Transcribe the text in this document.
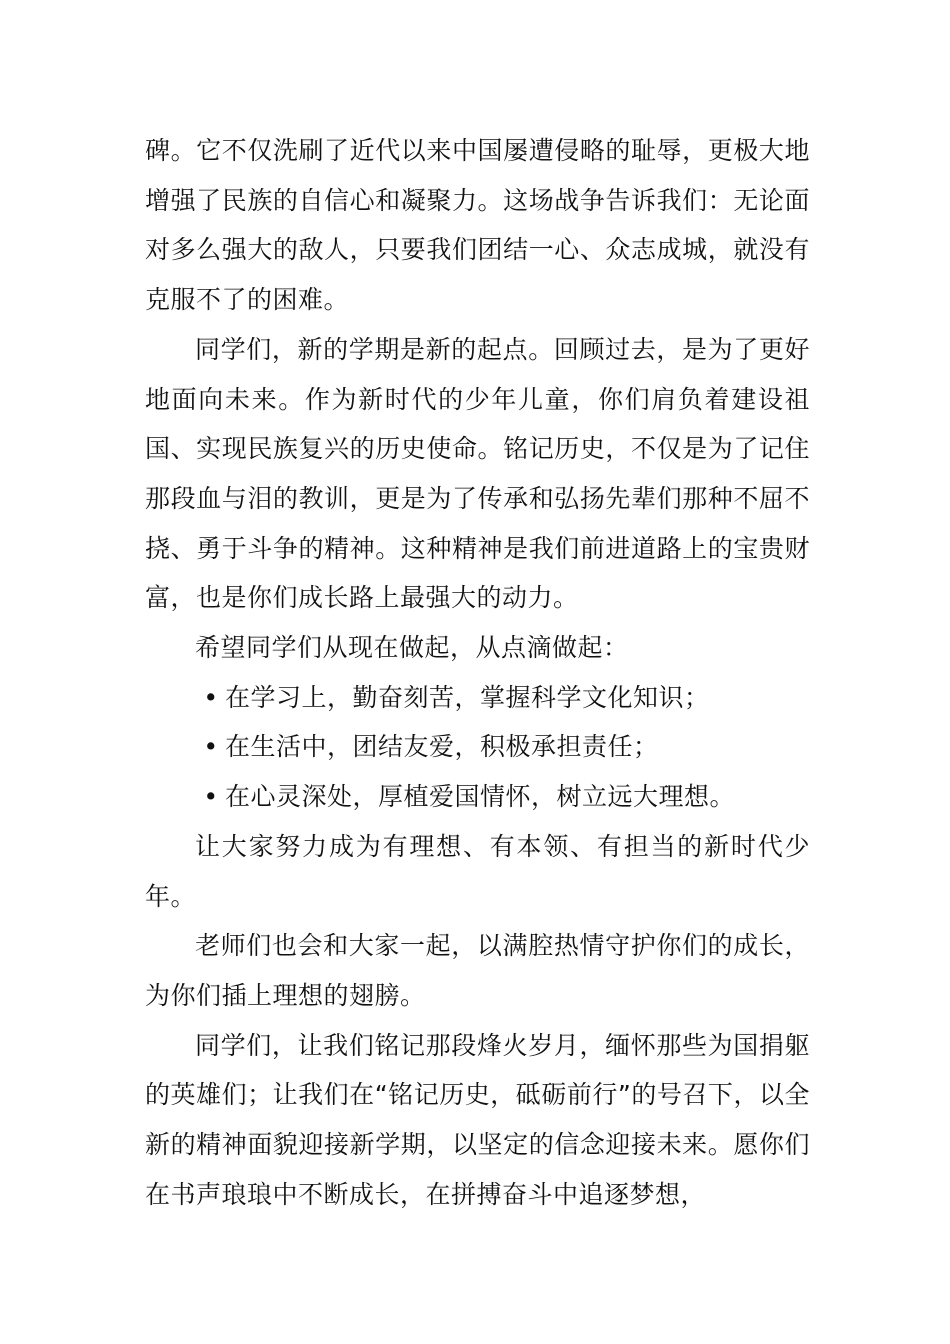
碑。它不仅洗刷了近代以来中国屡遭侵略的耻辱，更极大地增强了民族的自信心和凝聚力。这场战争告诉我们：无论面对多么强大的敌人，只要我们团结一心、众志成城，就没有克服不了的困难。

同学们，新的学期是新的起点。回顾过去，是为了更好地面向未来。作为新时代的少年儿童，你们肩负着建设祖国、实现民族复兴的历史使命。铭记历史，不仅是为了记住那段血与泪的教训，更是为了传承和弘扬先辈们那种不屈不挠、勇于斗争的精神。这种精神是我们前进道路上的宝贵财富，也是你们成长路上最强大的动力。

希望同学们从现在做起，从点滴做起：

• 在学习上，勤奋刻苦，掌握科学文化知识；
• 在生活中，团结友爱，积极承担责任；
• 在心灵深处，厚植爱国情怀，树立远大理想。

让大家努力成为有理想、有本领、有担当的新时代少年。

老师们也会和大家一起，以满腔热情守护你们的成长，为你们插上理想的翅膀。

同学们，让我们铭记那段烽火岁月，缅怀那些为国捐躯的英雄们；让我们在“铭记历史，砥砺前行”的号召下，以全新的精神面貌迎接新学期，以坚定的信念迎接未来。愿你们在书声琅琅中不断成长，在拼搏奋斗中追逐梦想，
